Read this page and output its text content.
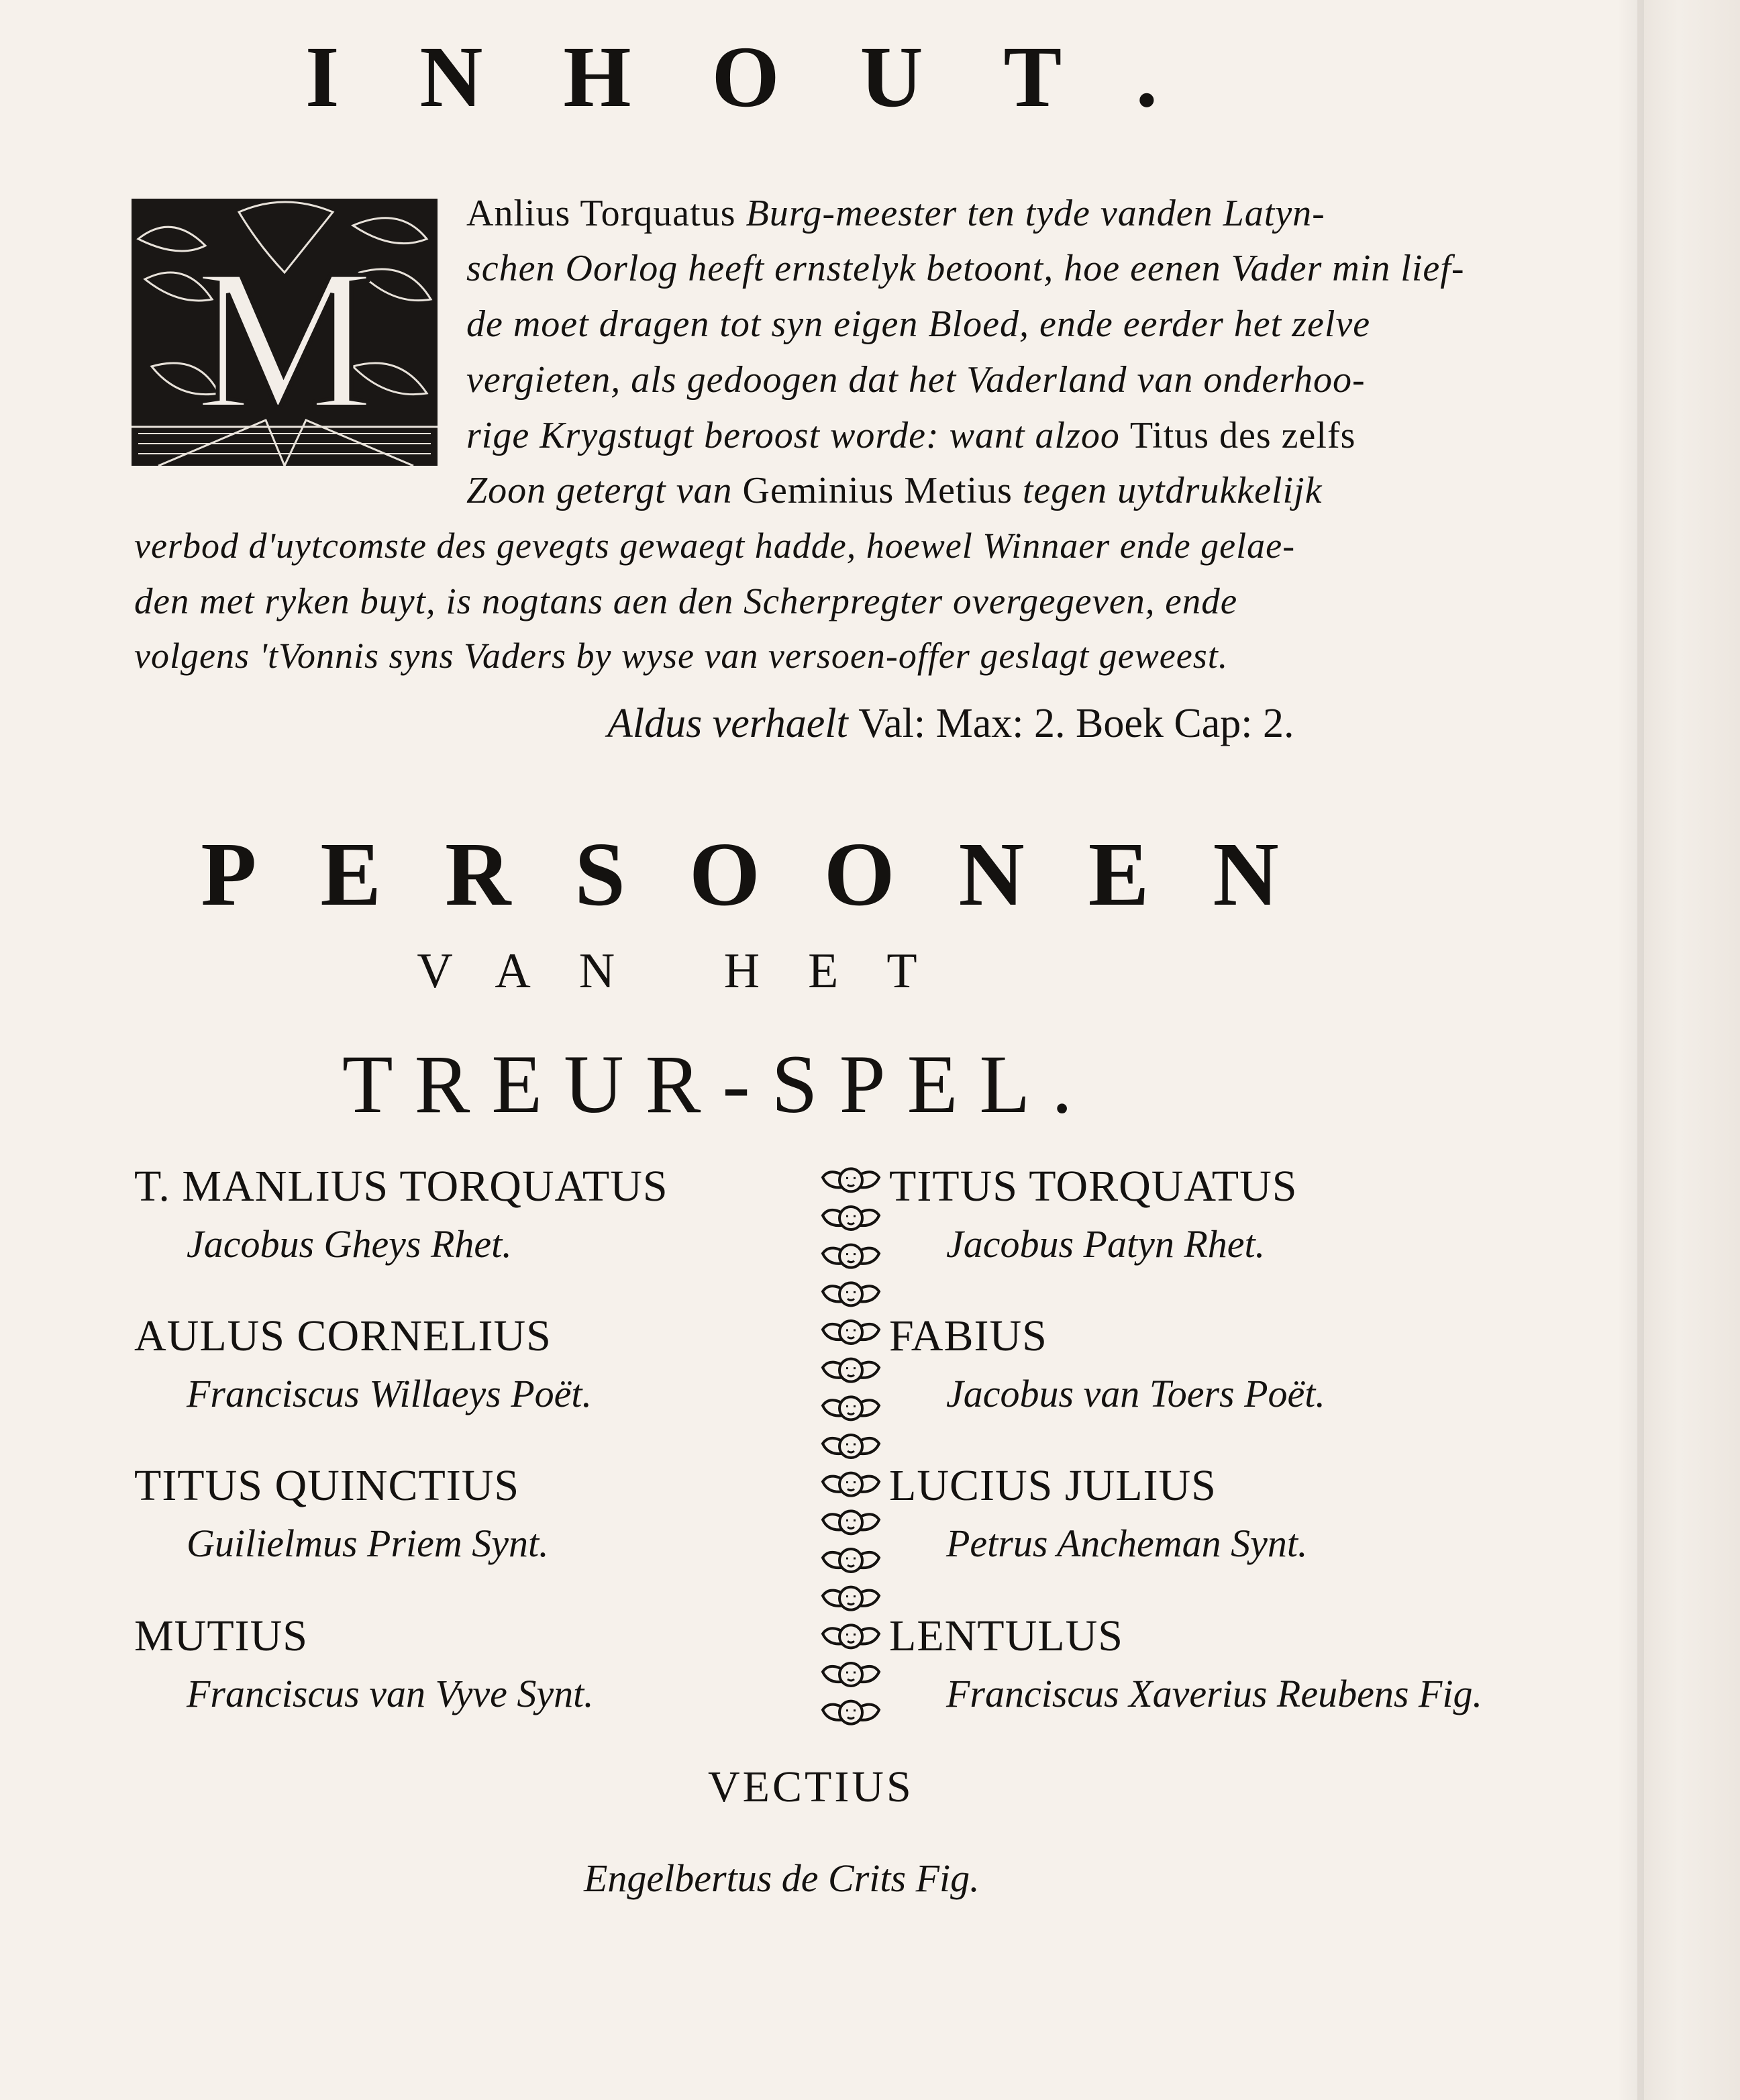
INHOUT.
M
Anlius Torquatus Burg-meester ten tyde vanden Latyn-
schen Oorlog heeft ernstelyk betoont, hoe eenen Vader min lief-
de moet dragen tot syn eigen Bloed, ende eerder het zelve
vergieten, als gedoogen dat het Vaderland van onderhoo-
rige Krygstugt beroost worde: want alzoo Titus des zelfs
Zoon getergt van Geminius Metius tegen uytdrukkelijk
verbod d'uytcomste des gevegts gewaegt hadde, hoewel Winnaer ende gelae-
den met ryken buyt, is nogtans aen den Scherpregter overgegeven, ende
volgens 'tVonnis syns Vaders by wyse van versoen-offer geslagt geweest.
Aldus verhaelt Val: Max: 2. Boek Cap: 2.
PERSOONEN
VAN HET
TREUR-SPEL.
T. MANLIUS TORQUATUS
Jacobus Gheys Rhet.
AULUS CORNELIUS
Franciscus Willaeys Poët.
TITUS QUINCTIUS
Guilielmus Priem Synt.
MUTIUS
Franciscus van Vyve Synt.
TITUS TORQUATUS
Jacobus Patyn Rhet.
FABIUS
Jacobus van Toers Poët.
LUCIUS JULIUS
Petrus Ancheman Synt.
LENTULUS
Franciscus Xaverius Reubens Fig.
VECTIUS
Engelbertus de Crits Fig.
